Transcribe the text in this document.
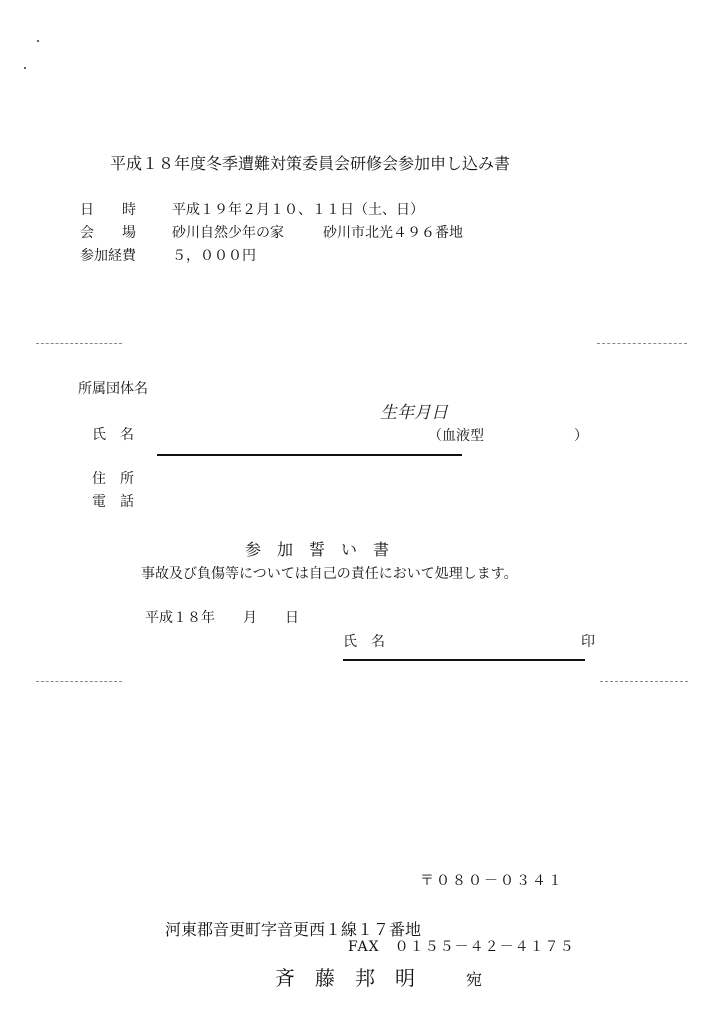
平成１８年度冬季遭難対策委員会研修会参加申し込み書
日　　時	平成１９年２月１０、１１日（土、日）
会　　場	砂川自然少年の家	砂川市北光４９６番地
参加経費	５，０００円
所属団体名
生年月日
氏　名	（血液型	）
住　所
電　話
参　加　誓　い　書
事故及び負傷等については自己の責任において処理します。
平成１８年　　月　　日
氏　名	印
〒０８０－０３４１
河東郡音更町字音更西１線１７番地
FAX　０１５５－４２－４１７５
斉　藤　邦　明	宛
